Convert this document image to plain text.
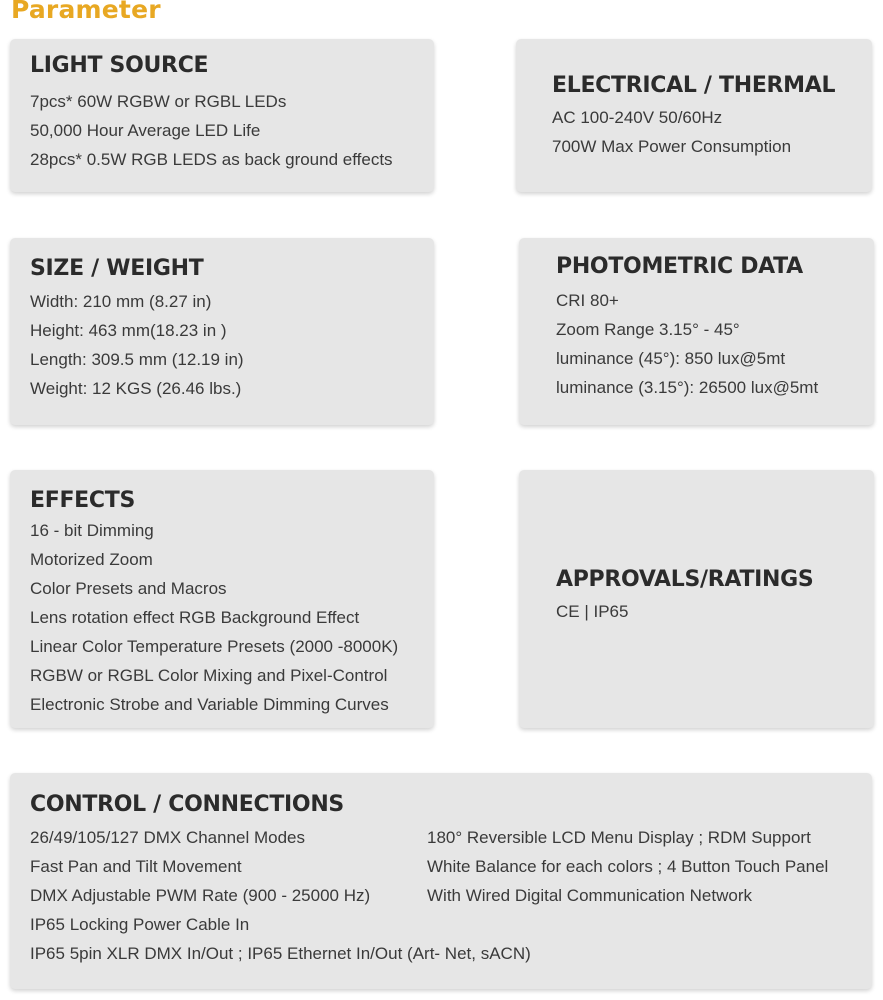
Parameter
LIGHT SOURCE
7pcs* 60W RGBW or RGBL LEDs
50,000 Hour Average LED Life
28pcs* 0.5W RGB LEDS as back ground effects
ELECTRICAL / THERMAL
AC 100-240V 50/60Hz
700W Max Power Consumption
SIZE / WEIGHT
Width: 210 mm (8.27 in)
Height: 463 mm(18.23 in )
Length: 309.5 mm (12.19 in)
Weight: 12 KGS (26.46 lbs.)
PHOTOMETRIC DATA
CRI 80+
Zoom Range 3.15° - 45°
luminance (45°): 850 lux@5mt
luminance (3.15°): 26500 lux@5mt
EFFECTS
16 - bit Dimming
Motorized Zoom
Color Presets and Macros
Lens rotation effect RGB Background Effect
Linear Color Temperature Presets (2000 -8000K)
RGBW or RGBL Color Mixing and Pixel-Control
Electronic Strobe and Variable Dimming Curves
APPROVALS/RATINGS
CE | IP65
CONTROL / CONNECTIONS
26/49/105/127 DMX Channel Modes
Fast Pan and Tilt Movement
DMX Adjustable PWM Rate (900 - 25000 Hz)
IP65 Locking Power Cable In
180° Reversible LCD Menu Display ; RDM Support
White Balance for each colors ; 4 Button Touch Panel
With Wired Digital Communication Network
IP65 5pin XLR DMX In/Out ; IP65 Ethernet In/Out (Art- Net, sACN)
